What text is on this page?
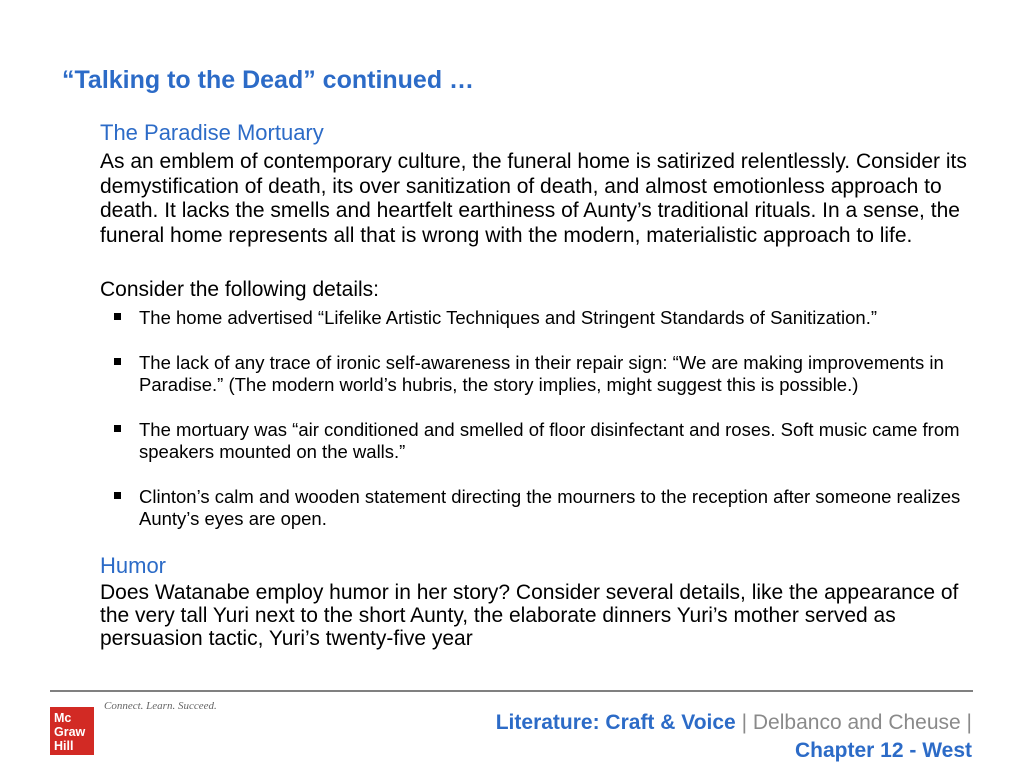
“Talking to the Dead” continued …
The Paradise Mortuary
As an emblem of contemporary culture, the funeral home is satirized relentlessly. Consider its demystification of death, its over sanitization of death, and almost emotionless approach to death. It lacks the smells and heartfelt earthiness of Aunty’s traditional rituals. In a sense, the funeral home represents all that is wrong with the modern, materialistic approach to life.
Consider the following details:
The home advertised “Lifelike Artistic Techniques and Stringent Standards of Sanitization.”
The lack of any trace of ironic self-awareness in their repair sign: “We are making improvements in Paradise.” (The modern world’s hubris, the story implies, might suggest this is possible.)
The mortuary was “air conditioned and smelled of floor disinfectant and roses. Soft music came from speakers mounted on the walls.”
Clinton’s calm and wooden statement directing the mourners to the reception after someone realizes Aunty’s eyes are open.
Humor
Does Watanabe employ humor in her story? Consider several details, like the appearance of the very tall Yuri next to the short Aunty, the elaborate dinners Yuri’s mother served as persuasion tactic, Yuri’s twenty-five year
Mc Graw Hill
Connect. Learn. Succeed.
Literature: Craft & Voice | Delbanco and Cheuse |
Chapter 12 - West
